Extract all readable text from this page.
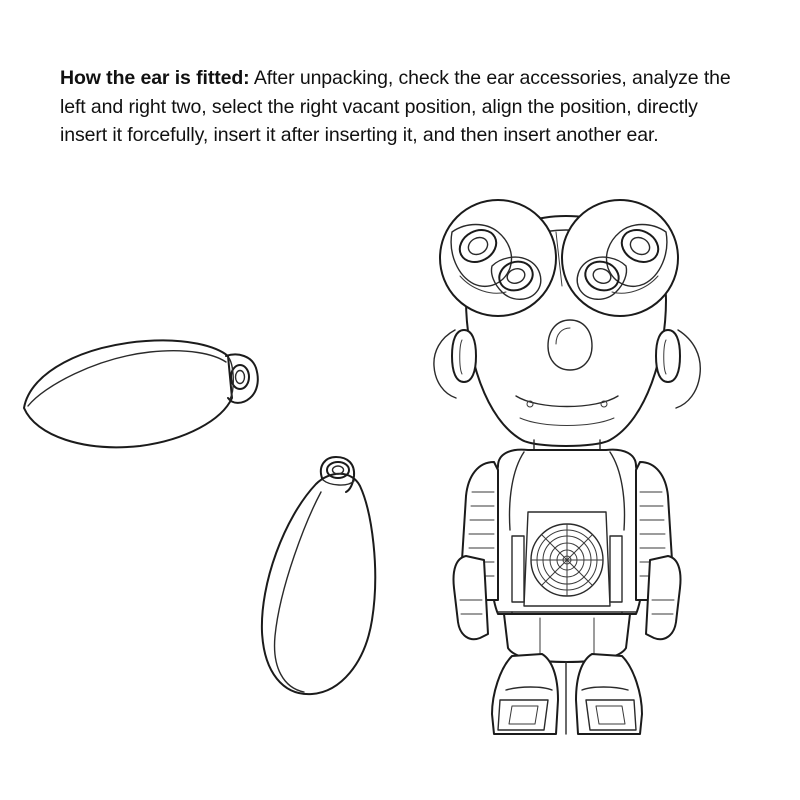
How the ear is fitted: After unpacking, check the ear accessories, analyze the left and right two, select the right vacant position, align the position, directly insert it forcefully, insert it after inserting it, and then insert another ear.
